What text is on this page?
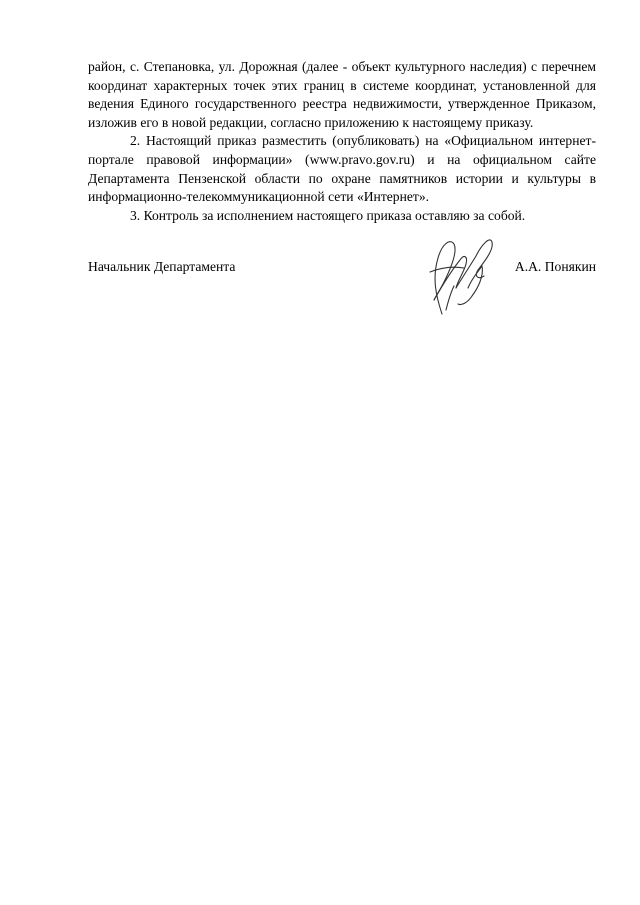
район, с. Степановка, ул. Дорожная (далее - объект культурного наследия) с перечнем координат характерных точек этих границ в системе координат, установленной для ведения Единого государственного реестра недвижимости, утвержденное Приказом, изложив его в новой редакции, согласно приложению к настоящему приказу.

2. Настоящий приказ разместить (опубликовать) на «Официальном интернет-портале правовой информации» (www.pravo.gov.ru) и на официальном сайте Департамента Пензенской области по охране памятников истории и культуры в информационно-телекоммуникационной сети «Интернет».

3. Контроль за исполнением настоящего приказа оставляю за собой.

Начальник Департамента	А.А. Понякин
